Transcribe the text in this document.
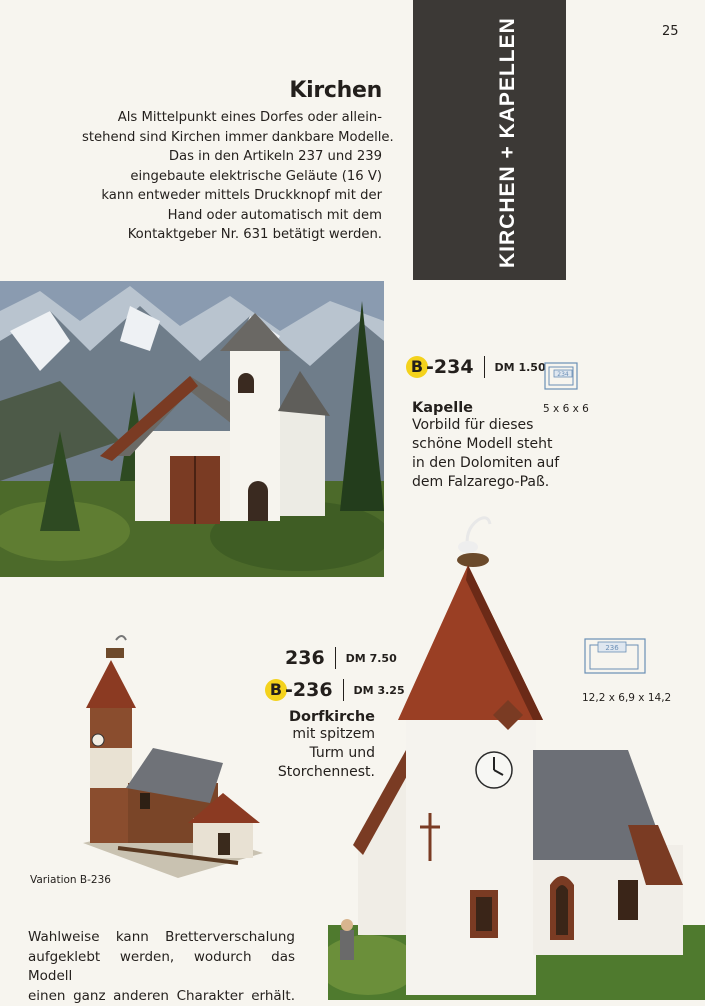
25
Kirchen
Als Mittelpunkt eines Dorfes oder allein-
stehend sind Kirchen immer dankbare Modelle.
Das in den Artikeln 237 und 239
eingebaute elektrische Geläute (16 V)
kann entweder mittels Druckknopf mit der
Hand oder automatisch mit dem
Kontaktgeber Nr. 631 betätigt werden.	KIRCHEN + KAPELLEN
B -234 DM 1.50
234
5 x 6 x 6
Kapelle
Vorbild für dieses
schöne Modell steht
in den Dolomiten auf
dem Falzarego-Paß.
236 DM 7.50
B -236 DM 3.25
Dorfkirche
mit spitzem
Turm und
Storchennest.
236
12,2 x 6,9 x 14,2
Variation B-236
Wahlweise kann Bretterverschalung
aufgeklebt werden, wodurch das Modell
einen ganz anderen Charakter erhält.
